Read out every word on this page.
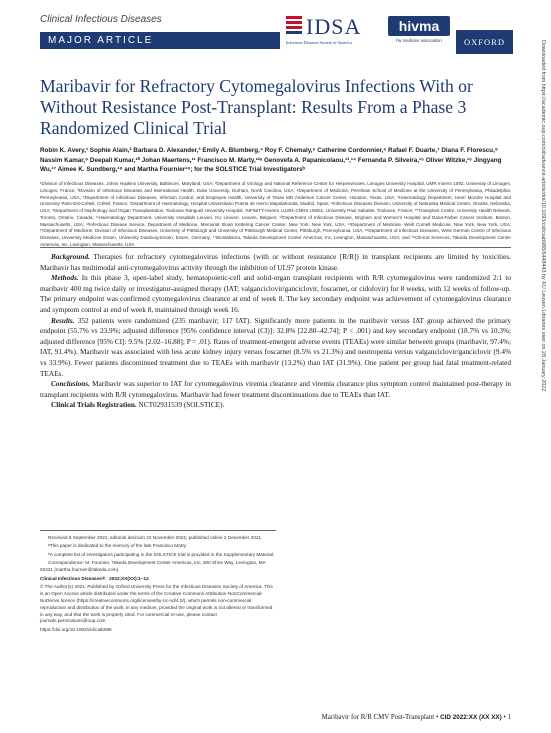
Clinical Infectious Diseases
MAJOR ARTICLE
IDSA
Infectious Diseases Society of America
hivma
hiv medicine association	OXFORD
Maribavir for Refractory Cytomegalovirus Infections With or Without Resistance Post-Transplant: Results From a Phase 3 Randomized Clinical Trial
Robin K. Avery,¹ Sophie Alain,² Barbara D. Alexander,³ Emily A. Blumberg,⁴ Roy F. Chemaly,⁵ Catherine Cordonnier,⁶ Rafael F. Duarte,⁷ Diana F. Florescu,⁸ Nassim Kamar,⁹ Deepali Kumar,¹⁰ Johan Maertens,¹¹ Francisco M. Marty,¹²ᵃ Genovefa A. Papanicolaou,¹³,¹⁴ Fernanda P. Silveira,¹⁵ Oliver Witzke,¹⁶ Jingyang Wu,¹⁷ Aimee K. Sundberg,¹⁸ and Martha Fournier¹⁸; for the SOLSTICE Trial Investigatorsᵇ
¹Division of Infectious Diseases, Johns Hopkins University, Baltimore, Maryland, USA; ²Department of Virology and National Reference Center for Herpesviruses, Limoges University Hospital, UMR Inserm 1092, University of Limoges, Limoges, France; ³Division of Infectious Diseases and International Health, Duke University, Durham, North Carolina, USA; ⁴Department of Medicine, Perelman School of Medicine at the University of Pennsylvania, Philadelphia, Pennsylvania, USA; ⁵Department of Infectious Diseases, Infection Control, and Employee Health, University of Texas MD Anderson Cancer Center, Houston, Texas, USA; ⁶Haematology Department, Henri Mondor Hospital and University Paris-Est-Créteil, Créteil, France; ⁷Department of Haematology, Hospital Universitario Puerta de Hierro Majadahonda, Madrid, Spain; ⁸Infectious Diseases Division, University of Nebraska Medical Center, Omaha, Nebraska, USA; ⁹Department of Nephrology and Organ Transplantation, Toulouse Rangueil University Hospital, INFINITY-Inserm U1291-CNRS U5051, University Paul Sabatier, Toulouse, France; ¹⁰Transplant Centre, University Health Network, Toronto, Ontario, Canada; ¹¹Haematology Department, University Hospitals Leuven, KU Leuven, Leuven, Belgium; ¹²Department of Infectious Disease, Brigham and Women's Hospital and Dana-Farber Cancer Institute, Boston, Massachusetts, USA; ¹³Infectious Disease Service, Department of Medicine, Memorial Sloan Kettering Cancer Center, New York, New York, USA; ¹⁴Department of Medicine, Weill Cornell Medicine, New York, New York, USA; ¹⁵Department of Medicine, Division of Infectious Diseases, University of Pittsburgh and University of Pittsburgh Medical Center, Pittsburgh, Pennsylvania, USA; ¹⁶Department of Infectious Diseases, West German Centre of Infectious Diseases, University Medicine Essen, University Duisburg-Essen, Essen, Germany; ¹⁷Biostatistics, Takeda Development Center Americas, Inc, Lexington, Massachusetts, USA; and ¹⁸Clinical Sciences, Takeda Development Center Americas, Inc, Lexington, Massachusetts, USA

Background. Therapies for refractory cytomegalovirus infections (with or without resistance [R/R]) in transplant recipients are limited by toxicities. Maribavir has multimodal anti-cytomegalovirus activity through the inhibition of UL97 protein kinase.

Methods. In this phase 3, open-label study, hematopoietic-cell and solid-organ transplant recipients with R/R cytomegalovirus were randomized 2:1 to maribavir 400 mg twice daily or investigator-assigned therapy (IAT; valganciclovir/ganciclovir, foscarnet, or cidofovir) for 8 weeks, with 12 weeks of follow-up. The primary endpoint was confirmed cytomegalovirus clearance at end of week 8. The key secondary endpoint was achievement of cytomegalovirus clearance and symptom control at end of week 8, maintained through week 16.

Results. 352 patients were randomized (235 maribavir; 117 IAT). Significantly more patients in the maribavir versus IAT group achieved the primary endpoint (55.7% vs 23.9%; adjusted difference [95% confidence interval (CI)]: 32.8% [22.80–42.74]; P < .001) and key secondary endpoint (18.7% vs 10.3%; adjusted difference [95% CI]: 9.5% [2.02–16.88]; P = .01). Rates of treatment-emergent adverse events (TEAEs) were similar between groups (maribavir, 97.4%; IAT, 91.4%). Maribavir was associated with less acute kidney injury versus foscarnet (8.5% vs 21.3%) and neutropenia versus valganciclovir/ganciclovir (9.4% vs 33.9%). Fewer patients discontinued treatment due to TEAEs with maribavir (13.2%) than IAT (31.9%). One patient per group had fatal treatment-related TEAEs.

Conclusions. Maribavir was superior to IAT for cytomegalovirus viremia clearance and viremia clearance plus symptom control maintained post-therapy in transplant recipients with R/R cytomegalovirus. Maribavir had fewer treatment discontinuations due to TEAEs than IAT.

Clinical Trials Registration. NCT02931539 (SOLSTICE).

Received 8 September 2021; editorial decision 22 November 2021; published online 2 December 2021.

ᵃThis paper is dedicated to the memory of the late Francisco Marty.

ᵇA complete list of investigators participating in the SOLSTICE trial is provided in the Supplementary Material.

Correspondence: M. Fournier, Takeda Development Center Americas, Inc, 300 Shire Way, Lexington, MA 02421 (martha.fournier@takeda.com).

Clinical Infectious Diseases® 2022;XX(XX):1–12

© The Author(s) 2021. Published by Oxford University Press for the Infectious Diseases Society of America. This is an Open Access article distributed under the terms of the Creative Commons Attribution-NonCommercial-NoDerivs licence (https://creativecommons.org/licenses/by-nc-nd/4.0/), which permits non-commercial reproduction and distribution of the work, in any medium, provided the original work is not altered or transformed in any way, and that the work is properly cited. For commercial re-use, please contact journals.permissions@oup.com

https://doi.org/10.1093/cid/ciab988

Downloaded from https://academic.oup.com/cid/advance-article/doi/10.1093/cid/ciab988/6448443 by KU Leuven Libraries user on 28 January 2022
Maribavir for R/R CMV Post-Transplant • CID 2022:XX (XX XX) • 1
